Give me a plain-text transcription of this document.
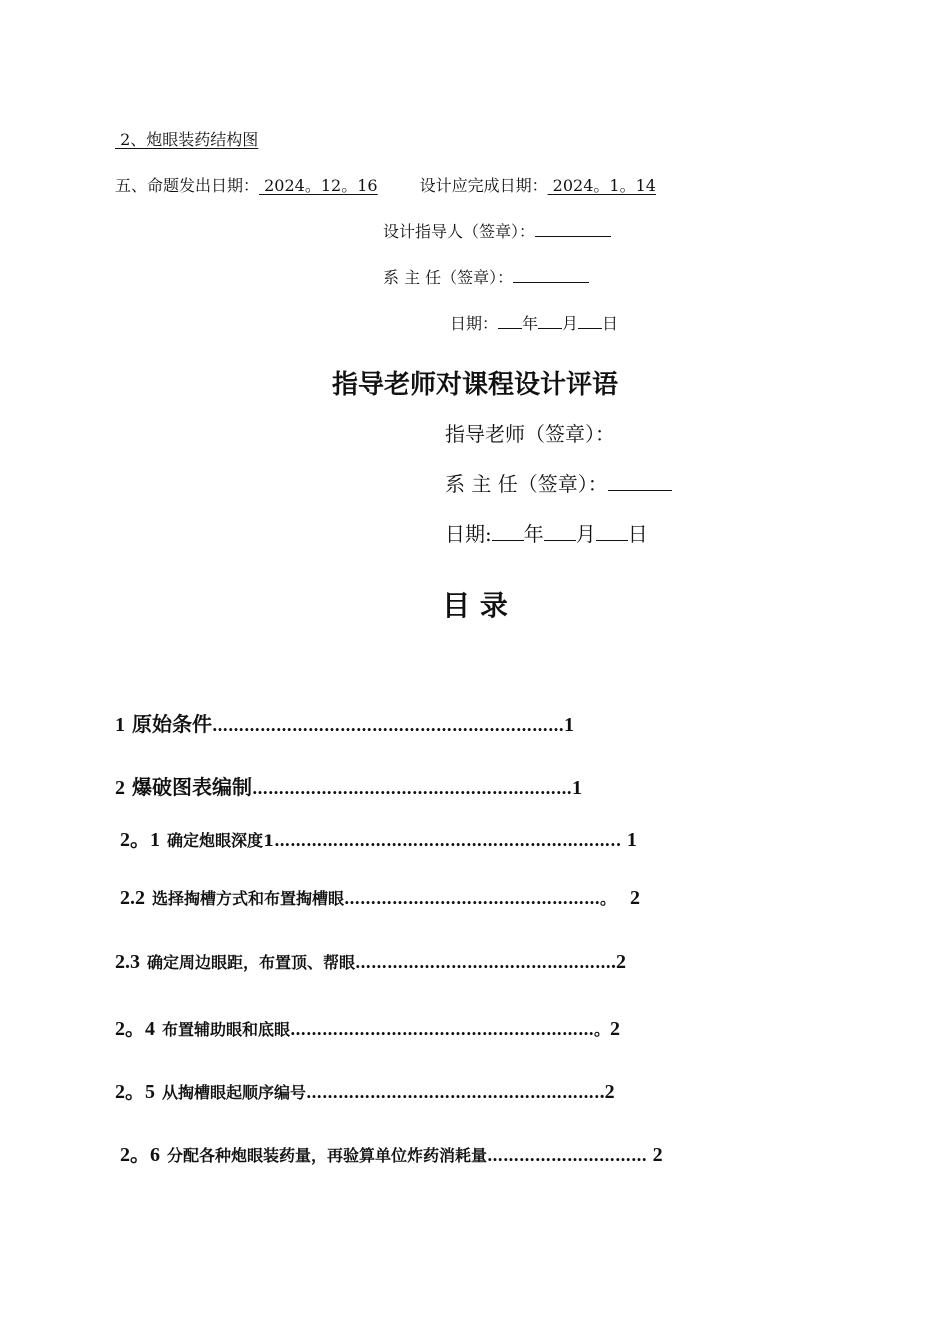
2、炮眼装药结构图
五、命题发出日期： 2024。12。16	设计应完成日期： 2024。1。14
设计指导人（签章）：
系 主 任（签章）：
日期： 年 月 日
指导老师对课程设计评语
指导老师（签章）：
系 主 任（签章）：
日期: 年 月 日
目 录
1 原始条件…………………………………………………………1
2 爆破图表编制……………………………………………………1
2。1 确定炮眼深度1……………………………………………………….. 1
2.2 选择掏槽方式和布置掏槽眼…………………………………………。 2
2.3 确定周边眼距，布置顶、帮眼………………………………………….2
2。4 布置辅助眼和底眼…………………………………………………。2
2。5 从掏槽眼起顺序编号………………………………………………..2
2。6 分配各种炮眼装药量，再验算单位炸药消耗量………………………… 2
